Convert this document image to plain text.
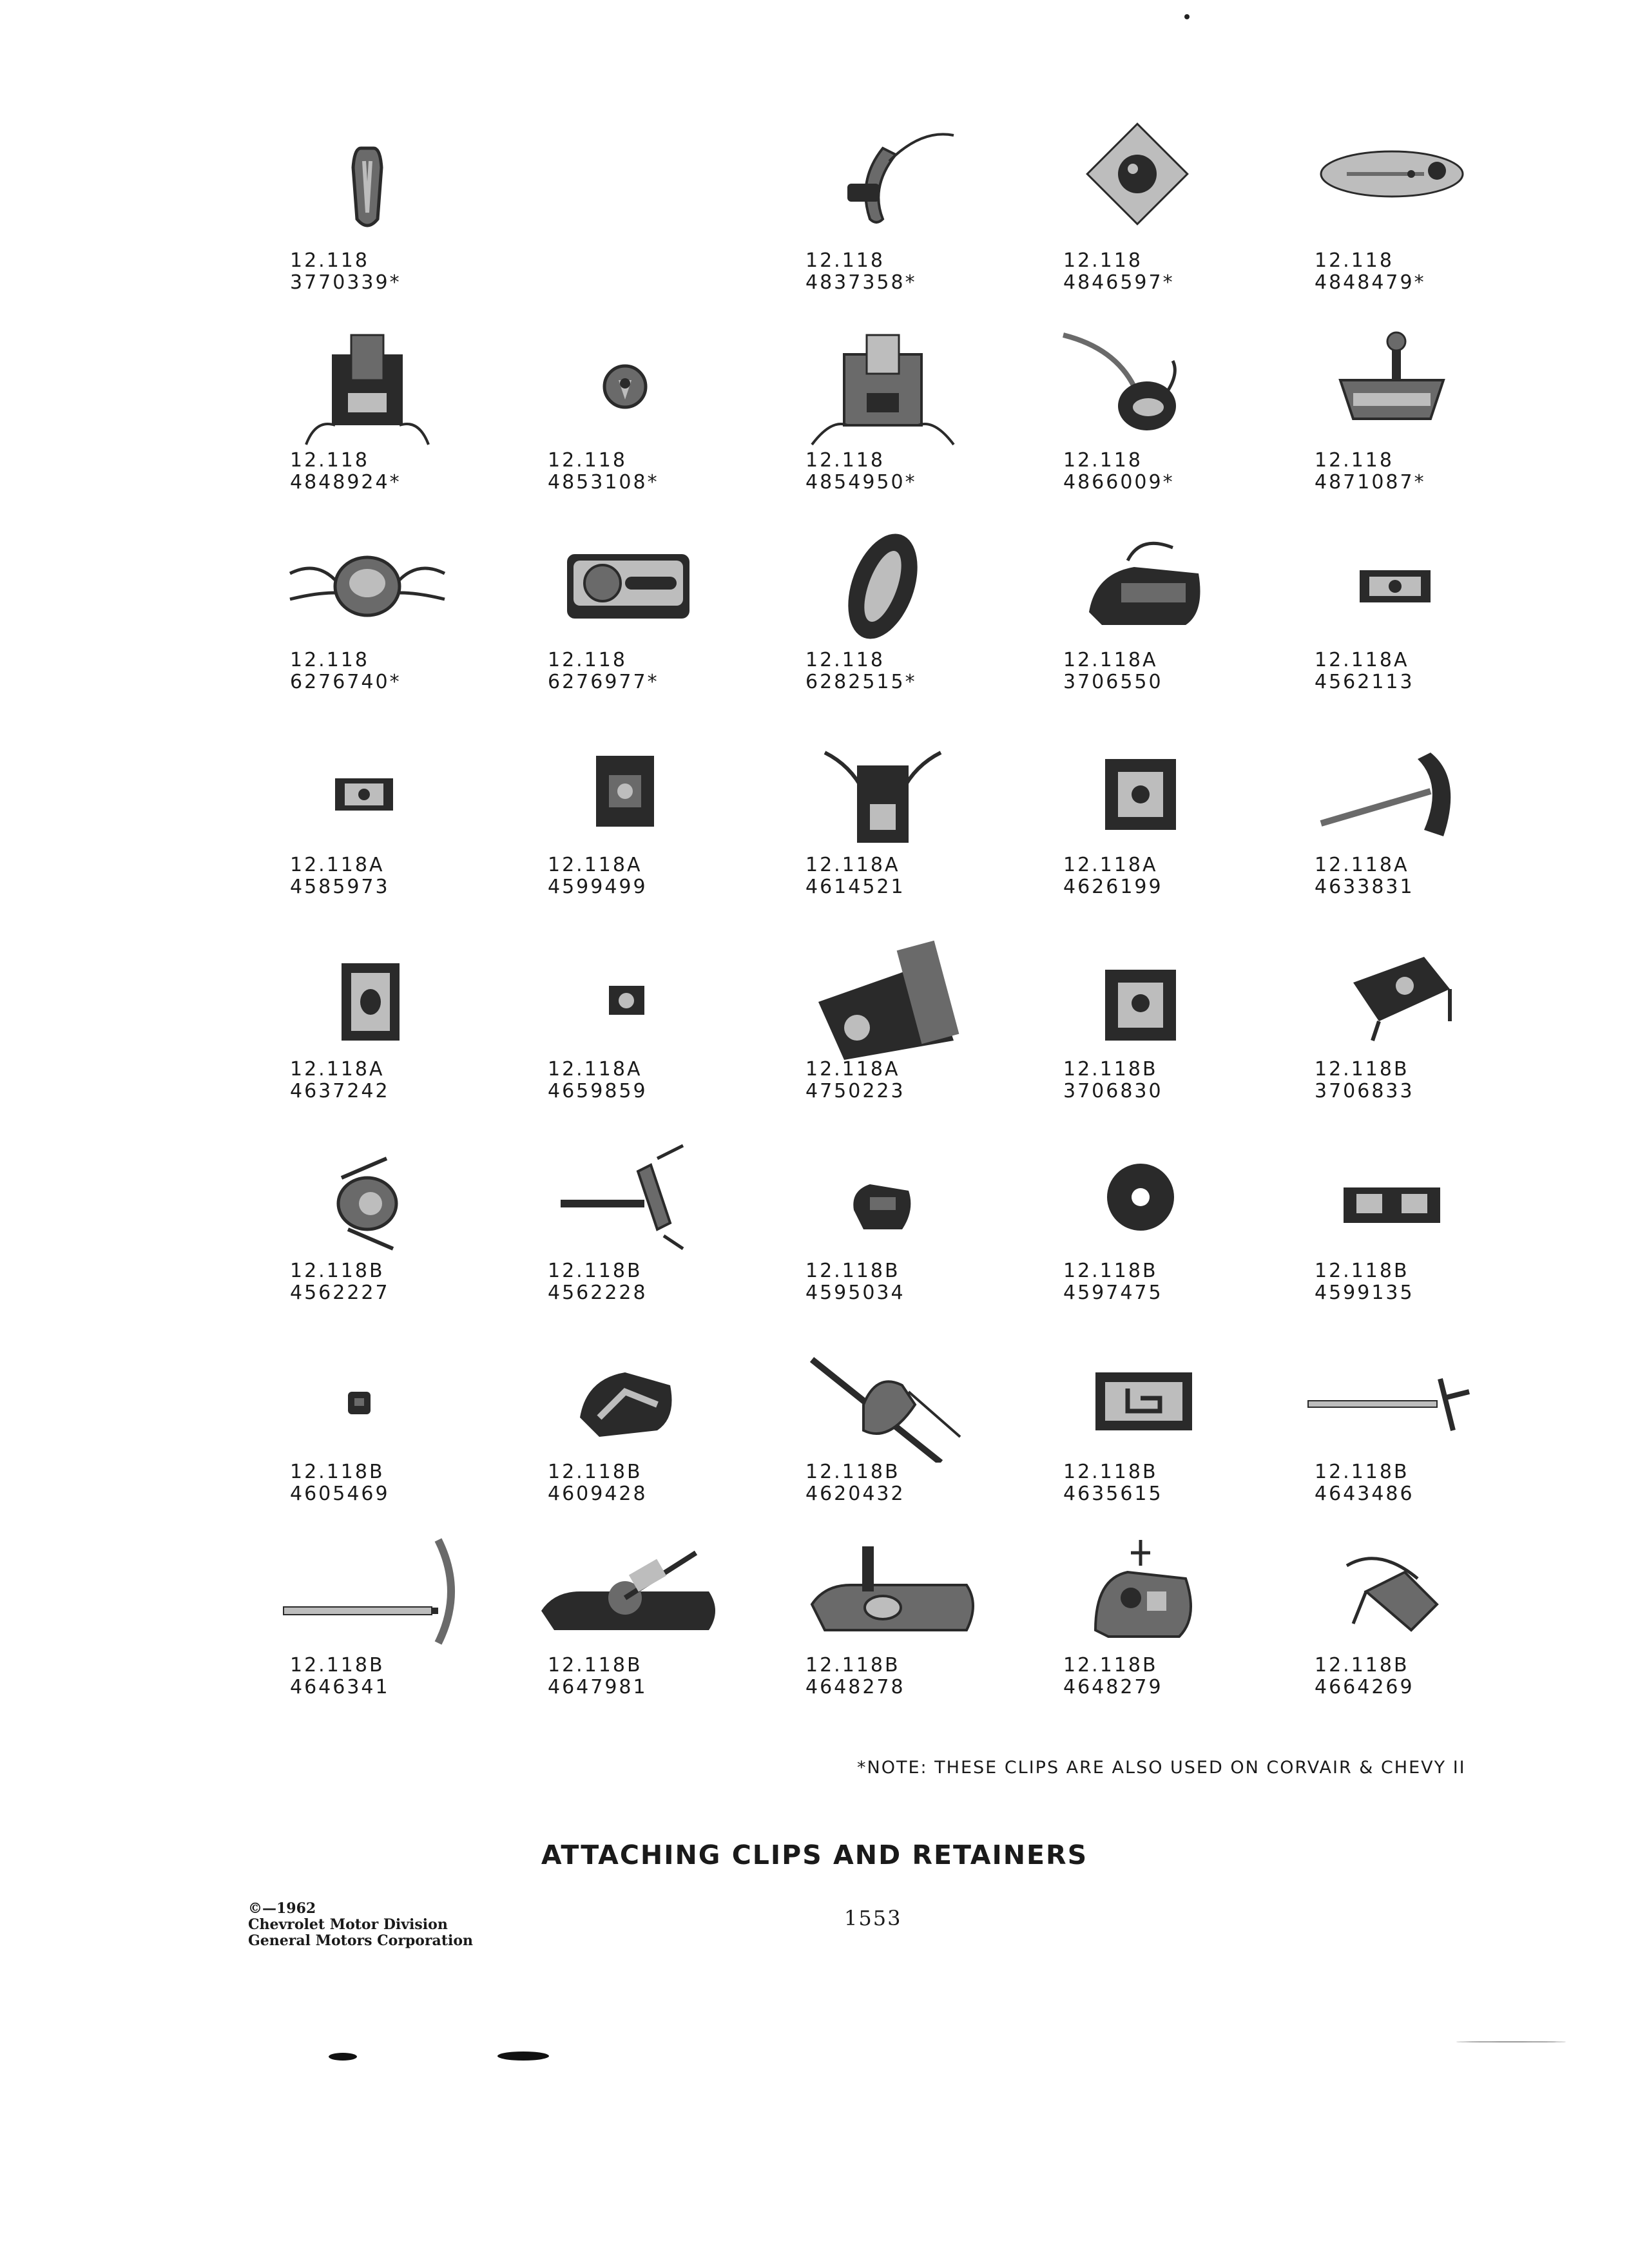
12.118
3770339*
12.118
4837358*
12.118
4846597*
12.118
4848479*
12.118
4848924*
12.118
4853108*
12.118
4854950*
12.118
4866009*
12.118
4871087*
12.118
6276740*
12.118
6276977*
12.118
6282515*
12.118A
3706550
12.118A
4562113
12.118A
4585973
12.118A
4599499
12.118A
4614521
12.118A
4626199
12.118A
4633831
12.118A
4637242
12.118A
4659859
12.118A
4750223
12.118B
3706830
12.118B
3706833
12.118B
4562227
12.118B
4562228
12.118B
4595034
12.118B
4597475
12.118B
4599135
12.118B
4605469
12.118B
4609428
12.118B
4620432
12.118B
4635615
12.118B
4643486
12.118B
4646341
12.118B
4647981
12.118B
4648278
12.118B
4648279
12.118B
4664269
*NOTE: THESE CLIPS ARE ALSO USED ON CORVAIR & CHEVY II
ATTACHING CLIPS AND RETAINERS
©—1962
Chevrolet Motor Division
General Motors Corporation
1553
